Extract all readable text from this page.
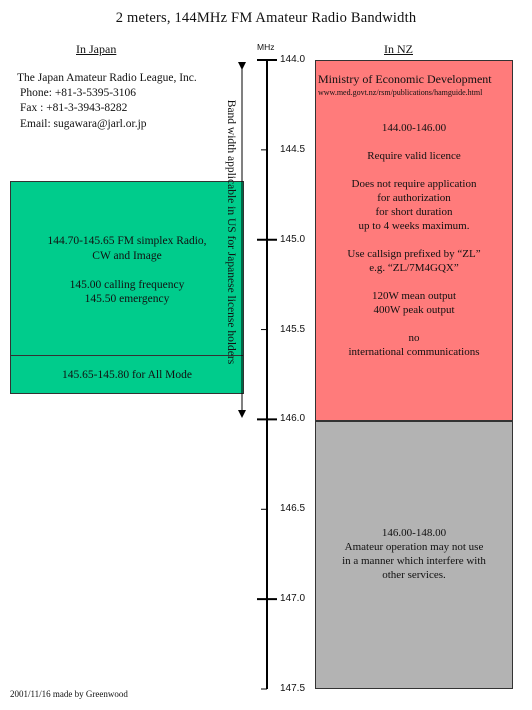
2 meters, 144MHz FM Amateur Radio Bandwidth
In Japan	In NZ
The Japan Amateur Radio League, Inc.
Phone: +81-3-5395-3106
Fax : +81-3-3943-8282
Email: sugawara@jarl.or.jp
144.70-145.65 FM simplex Radio,
CW and Image

145.00 calling frequency
145.50 emergency
145.65-145.80 for All Mode
Band width applicable in US for Japanese license holders
MHz
144.0
144.5
145.0
145.5
146.0
146.5
147.0
147.5
Ministry of Economic Development
www.med.govt.nz/rsm/publications/hamguide.html
144.00-146.00

Require valid licence

Does not require application
for authorization
for short duration
up to 4 weeks maximum.

Use callsign prefixed by “ZL”
e.g. “ZL/7M4GQX”

120W mean output
400W peak output

no
international communications
146.00-148.00
Amateur operation may not use
in a manner which interfere with
other services.
2001/11/16 made by Greenwood
